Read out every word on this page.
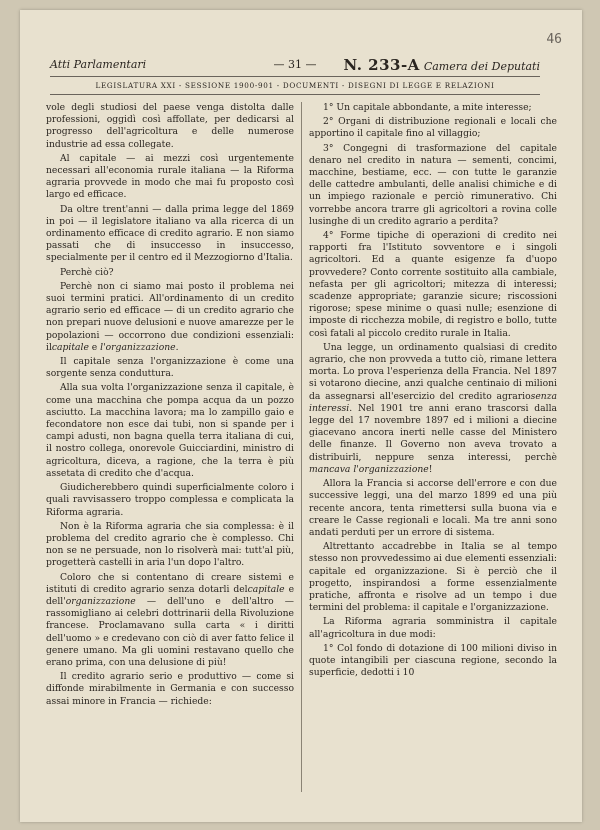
46
Atti Parlamentari	— 31 —	N. 233-A Camera dei Deputati
LEGISLATURA XXI - SESSIONE 1900-901 - DOCUMENTI - DISEGNI DI LEGGE E RELAZIONI

vole degli studiosi del paese venga distolta dalle professioni, oggidì così affollate, per dedicarsi al progresso dell'agricoltura e delle numerose industrie ad essa collegate.

Al capitale — ai mezzi così urgentemente necessari all'economia rurale italiana — la Riforma agraria provvede in modo che mai fu proposto così largo ed efficace.

Da oltre trent'anni — dalla prima legge del 1869 in poi — il legislatore italiano va alla ricerca di un ordinamento efficace di credito agrario. E non siamo passati che di insuccesso in insuccesso, specialmente per il centro ed il Mezzogiorno d'Italia.

Perchè ciò?

Perchè non ci siamo mai posto il problema nei suoi termini pratici. All'ordinamento di un credito agrario serio ed efficace — di un credito agrario che non prepari nuove delusioni e nuove amarezze per le popolazioni — occorrono due condizioni essenziali: ilcapitale e l'organizzazione.

Il capitale senza l'organizzazione è come una sorgente senza conduttura.

Alla sua volta l'organizzazione senza il capitale, è come una macchina che pompa acqua da un pozzo asciutto. La macchina lavora; ma lo zampillo gaio e fecondatore non esce dai tubi, non si spande per i campi adusti, non bagna quella terra italiana di cui, il nostro collega, onorevole Guicciardini, ministro di agricoltura, diceva, a ragione, che la terra è più assetata di credito che d'acqua.

Giudicherebbero quindi superficialmente coloro i quali ravvisassero troppo complessa e complicata la Riforma agraria.

Non è la Riforma agraria che sia complessa: è il problema del credito agrario che è complesso. Chi non se ne persuade, non lo risolverà mai: tutt'al più, progetterà castelli in aria l'un dopo l'altro.

Coloro che si contentano di creare sistemi e istituti di credito agrario senza dotarli delcapitale e dell'organizzazione — dell'uno e dell'altro — rassomigliano ai celebri dottrinarii della Rivoluzione francese. Proclamavano sulla carta « i diritti dell'uomo » e credevano con ciò di aver fatto felice il genere umano. Ma gli uomini restavano quello che erano prima, con una delusione di più!

Il credito agrario serio e produttivo — come si diffonde mirabilmente in Germania e con successo assai minore in Francia — richiede:

1° Un capitale abbondante, a mite interesse;

2° Organi di distribuzione regionali e locali che apportino il capitale fino al villaggio;

3° Congegni di trasformazione del capitale denaro nel credito in natura — sementi, concimi, macchine, bestiame, ecc. — con tutte le garanzie delle cattedre ambulanti, delle analisi chimiche e di un impiego razionale e perciò rimunerativo. Chi vorrebbe ancora trarre gli agricoltori a rovina colle lusinghe di un credito agrario a perdita?

4° Forme tipiche di operazioni di credito nei rapporti fra l'Istituto sovventore e i singoli agricoltori. Ed a quante esigenze fa d'uopo provvedere? Conto corrente sostituito alla cambiale, nefasta per gli agricoltori; mitezza di interessi; scadenze appropriate; garanzie sicure; riscossioni rigorose; spese minime o quasi nulle; esenzione di imposte di ricchezza mobile, di registro e bollo, tutte così fatali al piccolo credito rurale in Italia.

Una legge, un ordinamento qualsiasi di credito agrario, che non provveda a tutto ciò, rimane lettera morta. Lo prova l'esperienza della Francia. Nel 1897 si votarono diecine, anzi qualche centinaio di milioni da assegnarsi all'esercizio del credito agrariosenza interessi. Nel 1901 tre anni erano trascorsi dalla legge del 17 novembre 1897 ed i milioni a diecine giacevano ancora inerti nelle casse del Ministero delle finanze. Il Governo non aveva trovato a distribuirli, neppure senza interessi, perchè mancava l'organizzazione!

Allora la Francia si accorse dell'errore e con due successive leggi, una del marzo 1899 ed una più recente ancora, tenta rimettersi sulla buona via e creare le Casse regionali e locali. Ma tre anni sono andati perduti per un errore di sistema.

Altrettanto accadrebbe in Italia se al tempo stesso non provvedessimo ai due elementi essenziali: capitale ed organizzazione. Si è perciò che il progetto, inspirandosi a forme essenzialmente pratiche, affronta e risolve ad un tempo i due termini del problema: il capitale e l'organizzazione.

La Riforma agraria somministra il capitale all'agricoltura in due modi:

1° Col fondo di dotazione di 100 milioni diviso in quote intangibili per ciascuna regione, secondo la superficie, dedotti i 10
